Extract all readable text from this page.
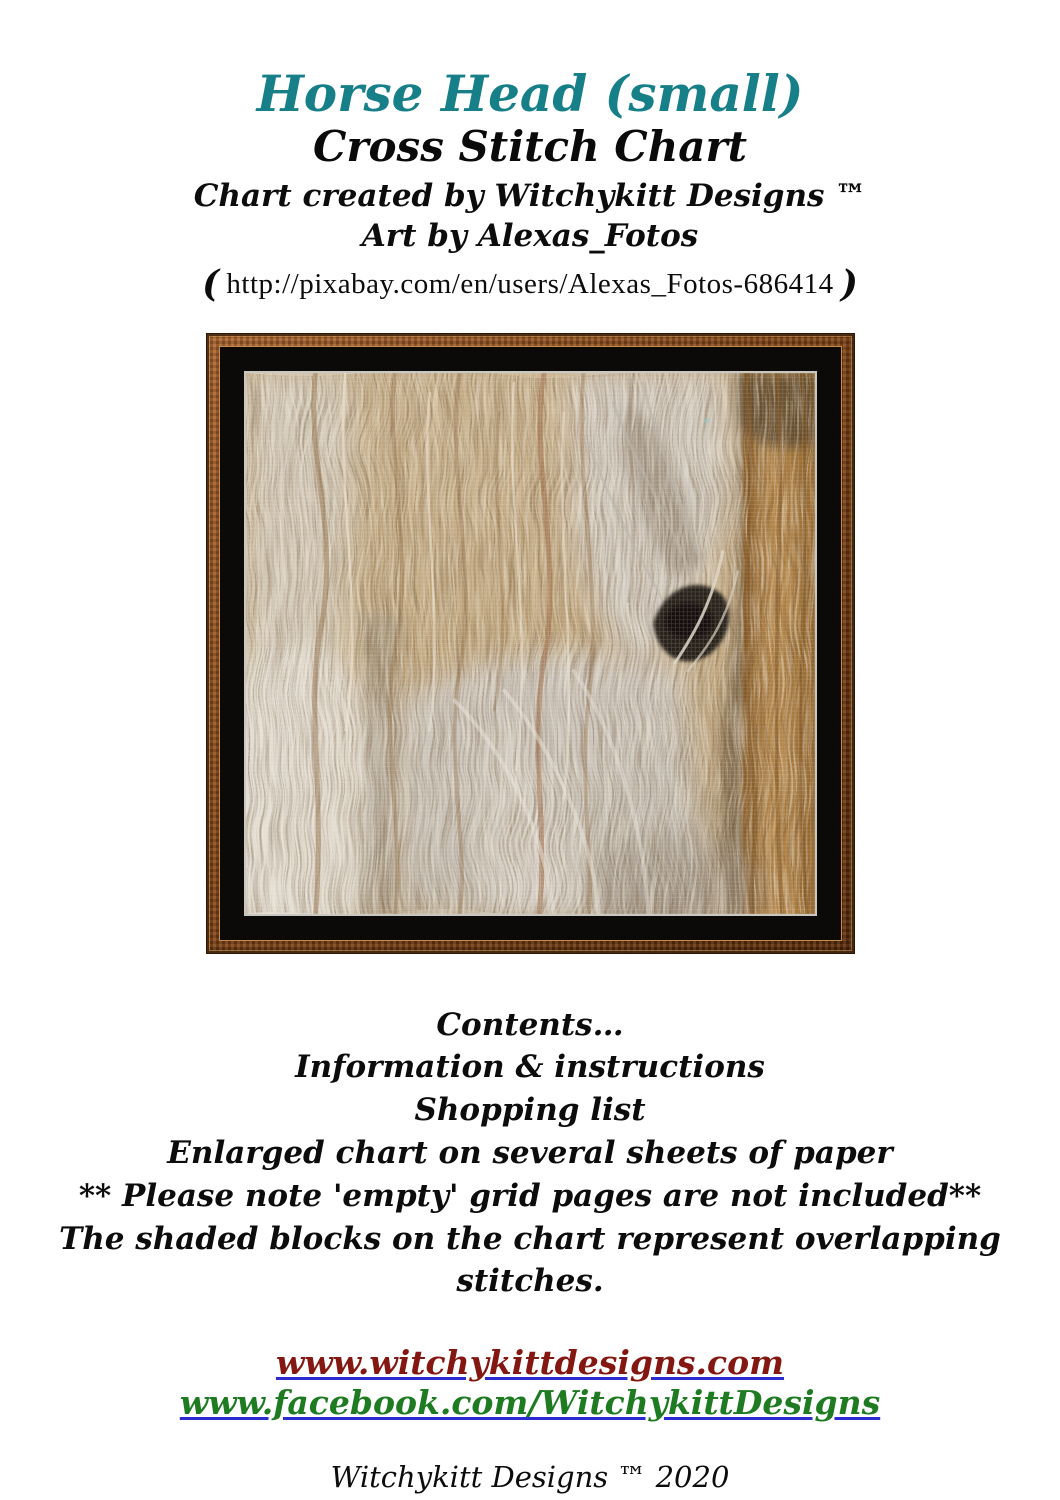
Horse Head (small)
Cross Stitch Chart

Chart created by Witchykitt Designs ™
Art by Alexas_Fotos

( http://pixabay.com/en/users/Alexas_Fotos-686414 )

Contents…

Information & instructions

Shopping list

Enlarged chart on several sheets of paper

** Please note 'empty' grid pages are not included**

The shaded blocks on the chart represent overlapping stitches.

www.witchykittdesigns.com
www.facebook.com/WitchykittDesigns
Witchykitt Designs ™ 2020
